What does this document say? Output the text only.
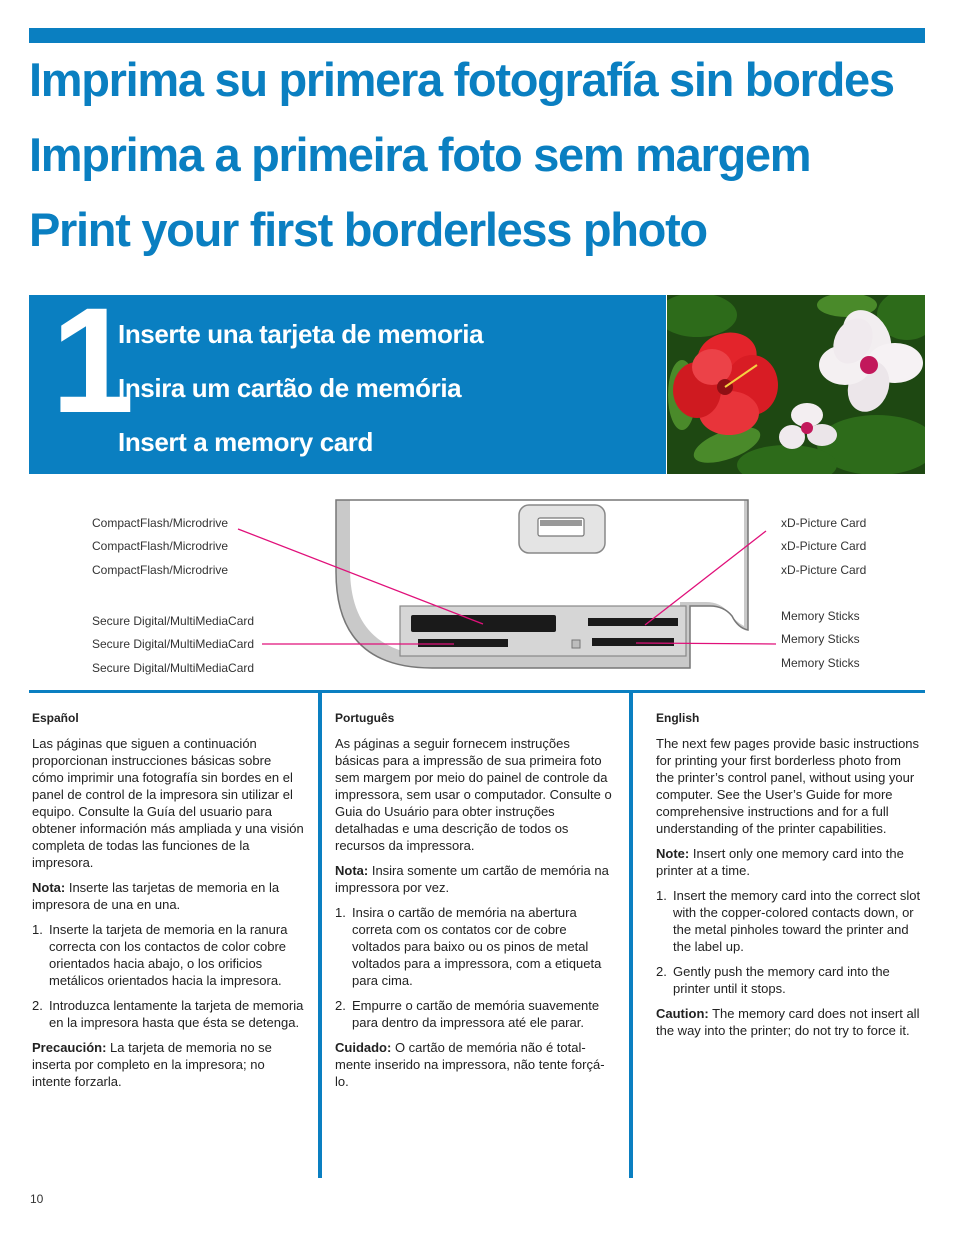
Imprima su primera fotografía sin bordes
Imprima a primeira foto sem margem
Print your first borderless photo
1
Inserte una tarjeta de memoria
Insira um cartão de memória
Insert a memory card
CompactFlash/Microdrive
CompactFlash/Microdrive
CompactFlash/Microdrive
Secure Digital/MultiMediaCard
Secure Digital/MultiMediaCard
Secure Digital/MultiMediaCard
xD-Picture Card
xD-Picture Card
xD-Picture Card
Memory Sticks
Memory Sticks
Memory Sticks
Español

Las páginas que siguen a continuación proporcionan instrucciones básicas sobre cómo imprimir una fotografía sin bordes en el panel de control de la impresora sin utilizar el equipo. Consulte la Guía del usuario para obtener información más ampliada y una visión completa de todas las funciones de la impresora.

Nota: Inserte las tarjetas de memoria en la impresora de una en una.

1. Inserte la tarjeta de memoria en la ranura correcta con los contactos de color cobre orientados hacia abajo, o los orificios metálicos orientados hacia la impresora.
2. Introduzca lentamente la tarjeta de memoria en la impresora hasta que ésta se detenga.

Precaución: La tarjeta de memoria no se inserta por completo en la impresora; no intente forzarla.

Português

As páginas a seguir fornecem instruções básicas para a impressão de sua primeira foto sem margem por meio do painel de controle da impressora, sem usar o computador. Consulte o Guia do Usuário para obter instruções detalhadas e uma descrição de todos os recursos da impressora.

Nota: Insira somente um cartão de memória na impressora por vez.

1. Insira o cartão de memória na abertura correta com os contatos cor de cobre voltados para baixo ou os pinos de metal voltados para a impressora, com a etiqueta para cima.
2. Empurre o cartão de memória suavemente para dentro da impressora até ele parar.

Cuidado: O cartão de memória não é total-mente inserido na impressora, não tente forçá-lo.

English

The next few pages provide basic instructions for printing your first borderless photo from the printer’s control panel, without using your computer. See the User’s Guide for more comprehensive instructions and for a full understanding of the printer capabilities.

Note: Insert only one memory card into the printer at a time.

1. Insert the memory card into the correct slot with the copper-colored contacts down, or the metal pinholes toward the printer and the label up.
2. Gently push the memory card into the printer until it stops.

Caution: The memory card does not insert all the way into the printer; do not try to force it.

10
